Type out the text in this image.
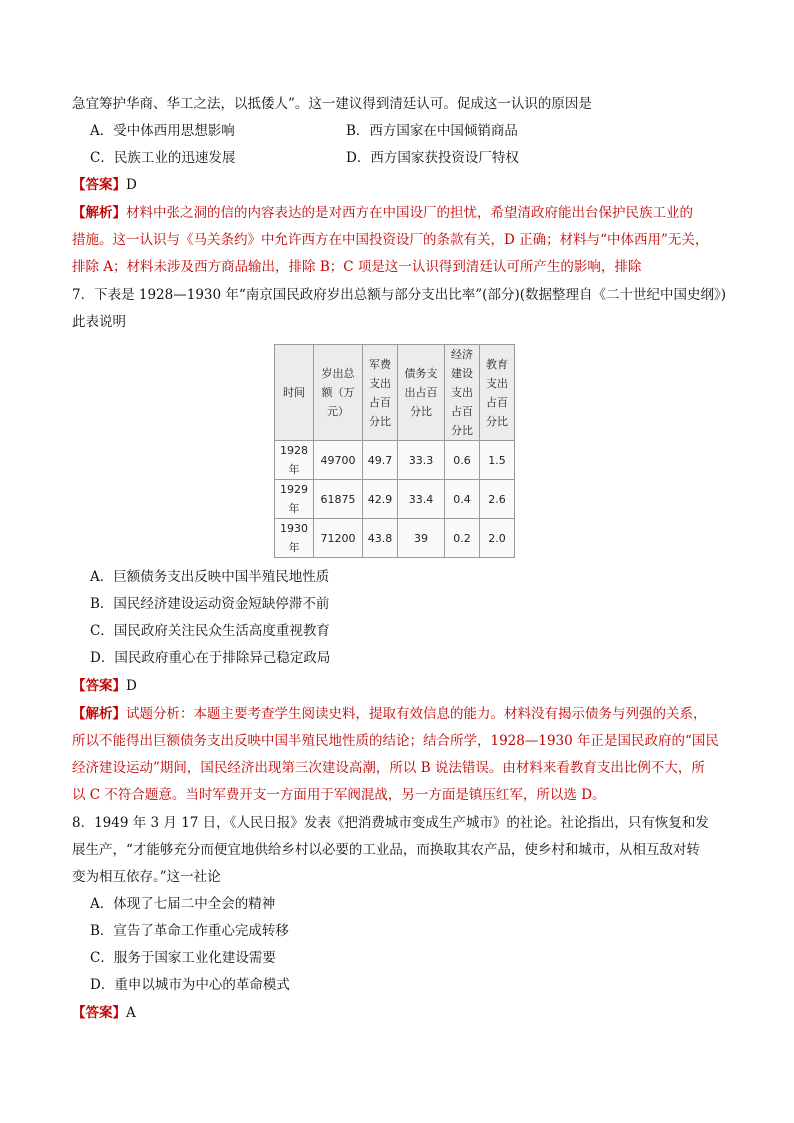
急宜筹护华商、华工之法，以抵倭人”。这一建议得到清廷认可。促成这一认识的原因是
A．受中体西用思想影响	B．西方国家在中国倾销商品
C．民族工业的迅速发展	D．西方国家获投资设厂特权
【答案】D
【解析】材料中张之洞的信的内容表达的是对西方在中国设厂的担忧，希望清政府能出台保护民族工业的
措施。这一认识与《马关条约》中允许西方在中国投资设厂的条款有关，D 正确；材料与“中体西用”无关，
排除 A；材料未涉及西方商品输出，排除 B；C 项是这一认识得到清廷认可所产生的影响，排除
7．下表是 1928—1930 年“南京国民政府岁出总额与部分支出比率”(部分)(数据整理自《二十世纪中国史纲》)
此表说明
时间	岁出总
额（万
元）	军费
支出
占百
分比	债务支
出占百
分比	经济
建设
支出
占百
分比	教育
支出
占百
分比
1928
年	49700	49.7	33.3	0.6	1.5
1929
年	61875	42.9	33.4	0.4	2.6
1930
年	71200	43.8	39	0.2	2.0
A．巨额债务支出反映中国半殖民地性质
B．国民经济建设运动资金短缺停滞不前
C．国民政府关注民众生活高度重视教育
D．国民政府重心在于排除异己稳定政局
【答案】D
【解析】试题分析：本题主要考查学生阅读史料，提取有效信息的能力。材料没有揭示债务与列强的关系，
所以不能得出巨额债务支出反映中国半殖民地性质的结论；结合所学，1928—1930 年正是国民政府的“国民
经济建设运动”期间，国民经济出现第三次建设高潮，所以 B 说法错误。由材料来看教育支出比例不大，所
以 C 不符合题意。当时军费开支一方面用于军阀混战，另一方面是镇压红军，所以选 D。
8．1949 年 3 月 17 日，《人民日报》发表《把消费城市变成生产城市》的社论。社论指出，只有恢复和发
展生产，“才能够充分而便宜地供给乡村以必要的工业品，而换取其农产品，使乡村和城市，从相互敌对转
变为相互依存。”这一社论
A．体现了七届二中全会的精神
B．宣告了革命工作重心完成转移
C．服务于国家工业化建设需要
D．重申以城市为中心的革命模式
【答案】A
